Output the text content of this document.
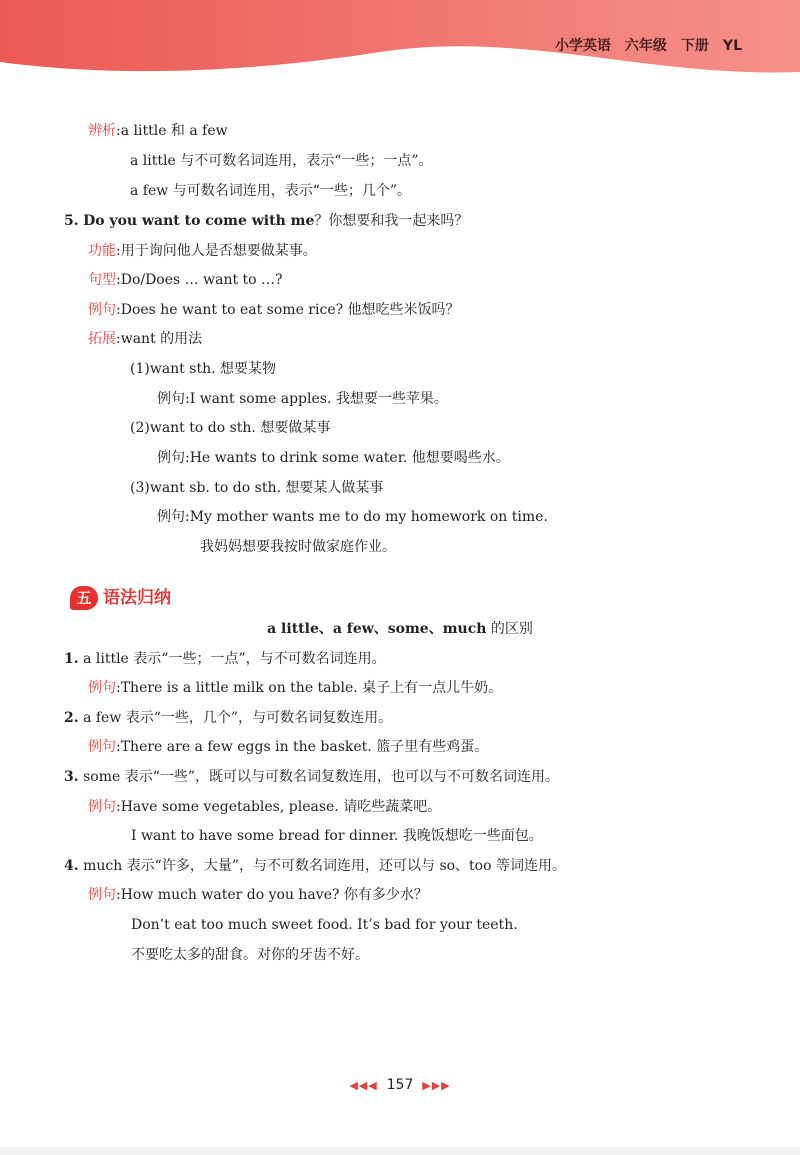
小学英语　六年级　下册　YL
辨析:a little 和 a few
a little 与不可数名词连用，表示“一些；一点”。
a few 与可数名词连用，表示“一些；几个”。
5. Do you want to come with me？你想要和我一起来吗？
功能:用于询问他人是否想要做某事。
句型:Do/Does … want to …?
例句:Does he want to eat some rice? 他想吃些米饭吗？
拓展:want 的用法
(1)want sth. 想要某物
例句:I want some apples. 我想要一些苹果。
(2)want to do sth. 想要做某事
例句:He wants to drink some water. 他想要喝些水。
(3)want sb. to do sth. 想要某人做某事
例句:My mother wants me to do my homework on time.
我妈妈想要我按时做家庭作业。
五 语法归纳
a little、a few、some、much 的区别
1. a little 表示“一些；一点”，与不可数名词连用。
例句:There is a little milk on the table. 桌子上有一点儿牛奶。
2. a few 表示“一些，几个”，与可数名词复数连用。
例句:There are a few eggs in the basket. 篮子里有些鸡蛋。
3. some 表示“一些”，既可以与可数名词复数连用，也可以与不可数名词连用。
例句:Have some vegetables, please. 请吃些蔬菜吧。
I want to have some bread for dinner. 我晚饭想吃一些面包。
4. much 表示“许多，大量”，与不可数名词连用，还可以与 so、too 等词连用。
例句:How much water do you have? 你有多少水？
Don’t eat too much sweet food. It’s bad for your teeth.
不要吃太多的甜食。对你的牙齿不好。
◀◀◀ 157 ▶▶▶
